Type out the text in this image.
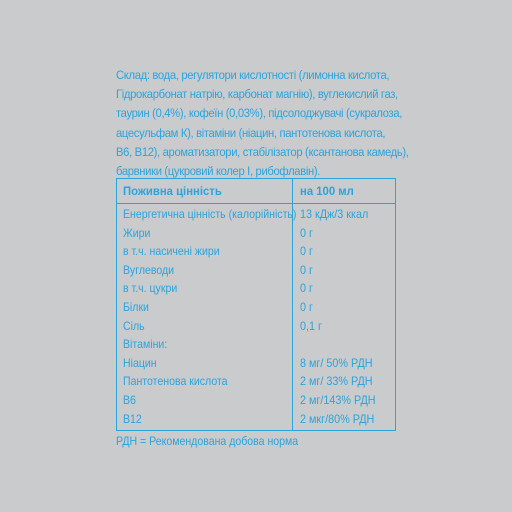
Склад: вода, регулятори кислотності (лимонна кислота,
Гідрокарбонат натрію, карбонат магнію), вуглекислий газ,
таурин (0,4%), кофеїн (0,03%), підсолоджувачі (сукралоза,
ацесульфам К), вітаміни (ніацин, пантотенова кислота,
В6, В12), ароматизатори, стабілізатор (ксантанова камедь),
барвники (цукровий колер І, рибофлавін).
Поживна цінність	на 100 мл
Енергетична цінність (калорійність) 13 кДж/3 ккал
Жири	0 г
в т.ч. насичені жири	0 г
Вуглеводи	0 г
в т.ч. цукри	0 г
Білки	0 г
Сіль	0,1 г
Вітаміни:
Ніацин	8 мг/ 50% РДН
Пантотенова кислота	2 мг/ 33% РДН
В6	2 мг/143% РДН
В12	2 мкг/80% РДН
РДН = Рекомендована добова норма
